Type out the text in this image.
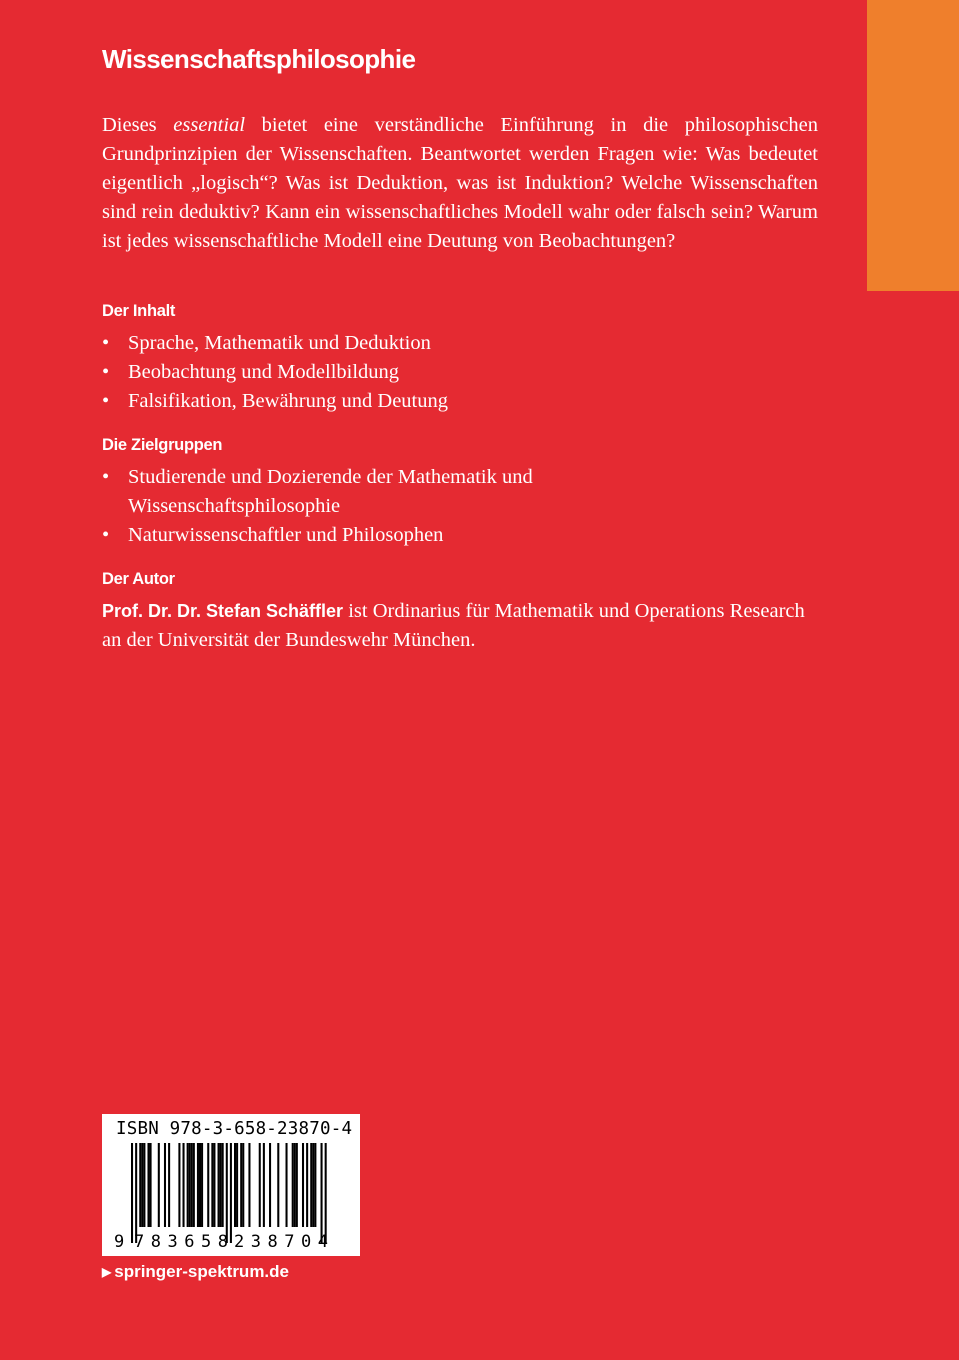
Wissenschaftsphilosophie

Dieses essential bietet eine verständliche Einführung in die philosophischen Grundprinzipien der Wissenschaften. Beantwortet werden Fragen wie: Was bedeutet eigentlich „logisch“? Was ist Deduktion, was ist Induktion? Welche Wissenschaften sind rein deduktiv? Kann ein wissenschaftliches Modell wahr oder falsch sein? Warum ist jedes wissenschaftliche Modell eine Deutung von Beobachtungen?

Der Inhalt
• Sprache, Mathematik und Deduktion
• Beobachtung und Modellbildung
• Falsifikation, Bewährung und Deutung
Die Zielgruppen
• Studierende und Dozierende der Mathematik und Wissenschaftsphilosophie
• Naturwissenschaftler und Philosophen
Der Autor

Prof. Dr. Dr. Stefan Schäffler ist Ordinarius für Mathematik und Operations Research an der Universität der Bundeswehr München.

ISBN 978-3-658-23870-4
9 783658 238704
▶ springer-spektrum.de
